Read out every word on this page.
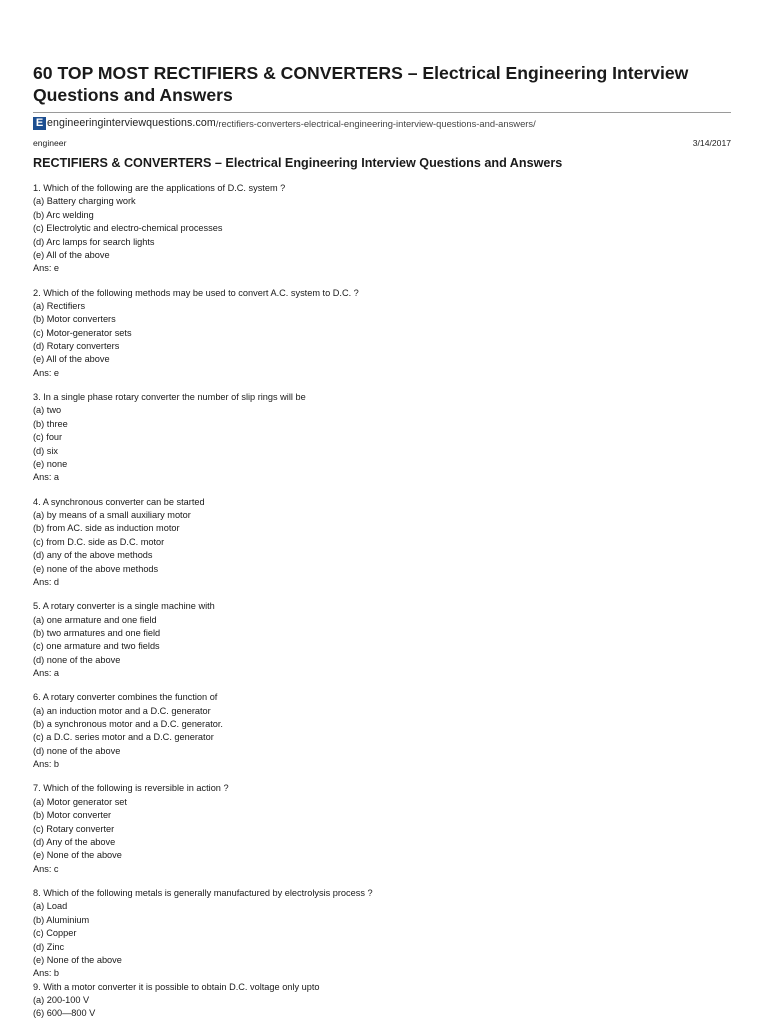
60 TOP MOST RECTIFIERS & CONVERTERS – Electrical Engineering Interview Questions and Answers
E engineeringinterviewquestions.com /rectifiers-converters-electrical-engineering-interview-questions-and-answers/
engineer	3/14/2017
RECTIFIERS & CONVERTERS – Electrical Engineering Interview Questions and Answers
1. Which of the following are the applications of D.C. system ?
(a) Battery charging work
(b) Arc welding
(c) Electrolytic and electro-chemical processes
(d) Arc lamps for search lights
(e) All of the above
Ans: e
2. Which of the following methods may be used to convert A.C. system to D.C. ?
(a) Rectifiers
(b) Motor converters
(c) Motor-generator sets
(d) Rotary converters
(e) All of the above
Ans: e
3. In a single phase rotary converter the number of slip rings will be
(a) two
(b) three
(c) four
(d) six
(e) none
Ans: a
4. A synchronous converter can be started
(a) by means of a small auxiliary motor
(b) from AC. side as induction motor
(c) from D.C. side as D.C. motor
(d) any of the above methods
(e) none of the above methods
Ans: d
5. A rotary converter is a single machine with
(a) one armature and one field
(b) two armatures and one field
(c) one armature and two fields
(d) none of the above
Ans: a
6. A rotary converter combines the function of
(a) an induction motor and a D.C. generator
(b) a synchronous motor and a D.C. generator.
(c) a D.C. series motor and a D.C. generator
(d) none of the above
Ans: b
7. Which of the following is reversible in action ?
(a) Motor generator set
(b) Motor converter
(c) Rotary converter
(d) Any of the above
(e) None of the above
Ans: c
8. Which of the following metals is generally manufactured by electrolysis process ?
(a) Load
(b) Aluminium
(c) Copper
(d) Zinc
(e) None of the above
Ans: b
9. With a motor converter it is possible to obtain D.C. voltage only upto
(a) 200-100 V
(6) 600—800 V
